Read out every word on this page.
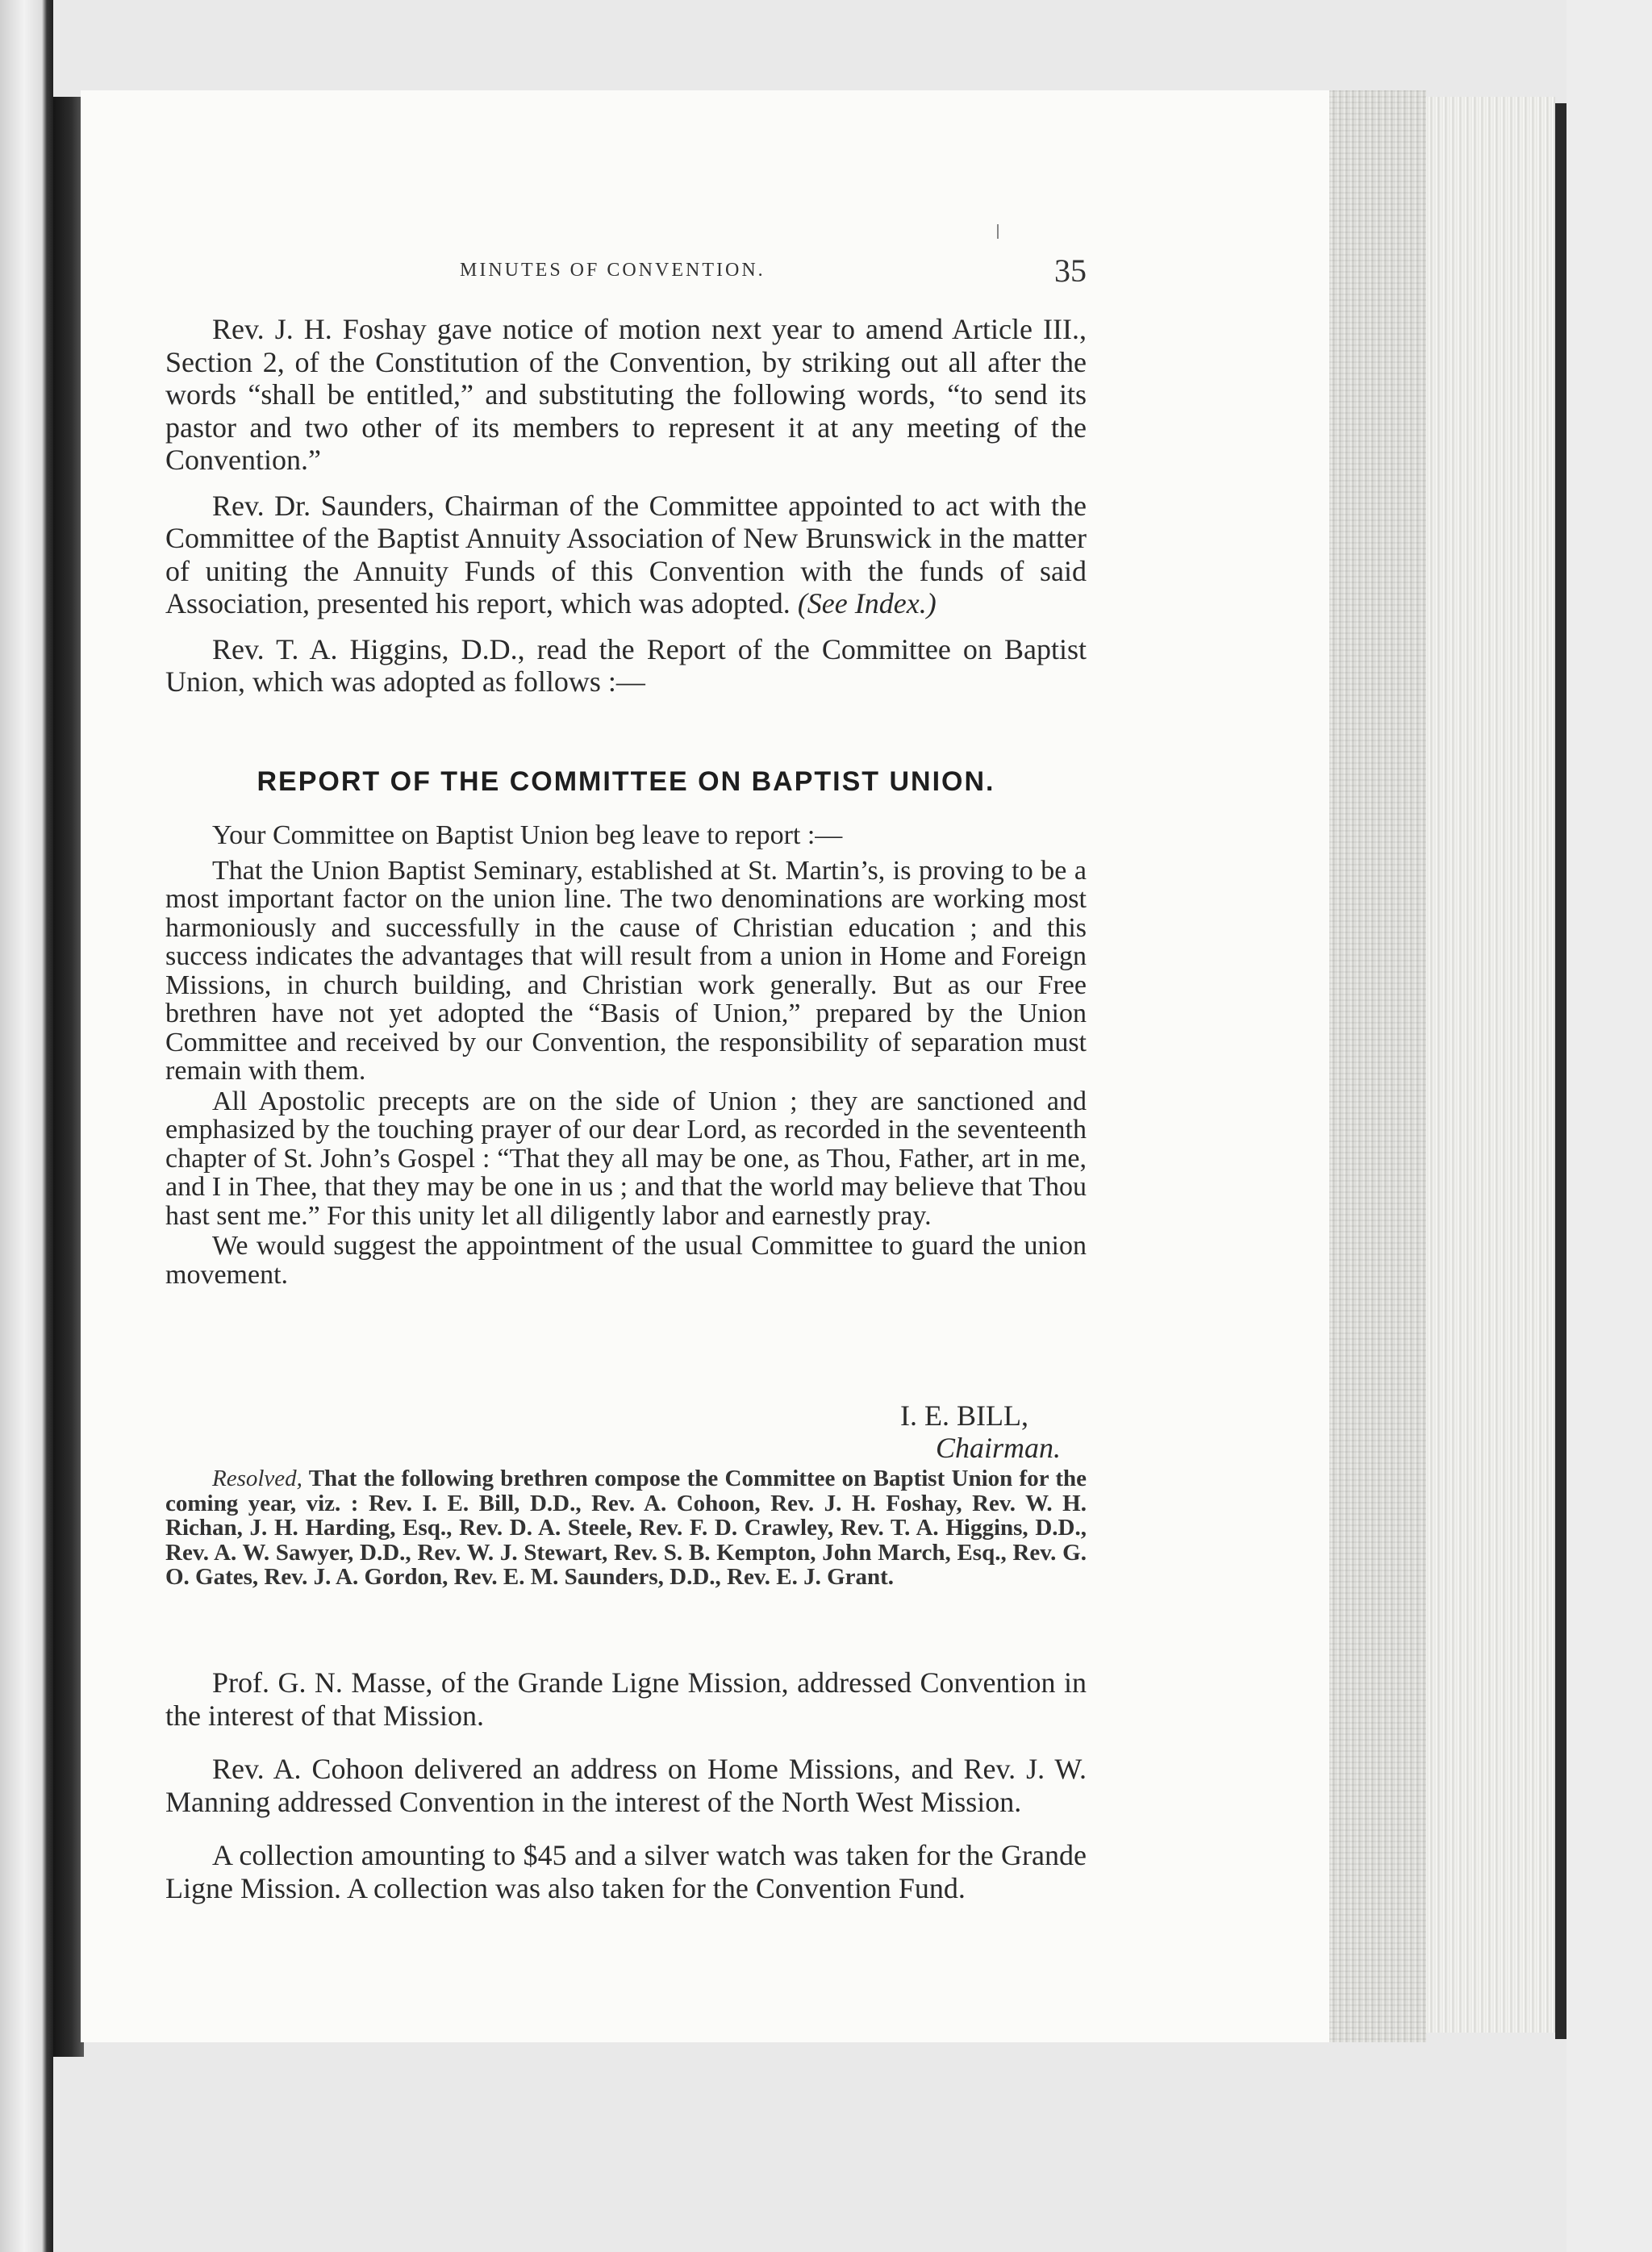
MINUTES OF CONVENTION.	35

Rev. J. H. Foshay gave notice of motion next year to amend Article III., Section 2, of the Constitution of the Convention, by striking out all after the words “shall be entitled,” and substituting the following words, “to send its pastor and two other of its members to represent it at any meeting of the Convention.”

Rev. Dr. Saunders, Chairman of the Committee appointed to act with the Committee of the Baptist Annuity Association of New Brunswick in the matter of uniting the Annuity Funds of this Convention with the funds of said Association, presented his report, which was adopted. (See Index.)

Rev. T. A. Higgins, D.D., read the Report of the Committee on Baptist Union, which was adopted as follows :—

REPORT OF THE COMMITTEE ON BAPTIST UNION.

Your Committee on Baptist Union beg leave to report :—

That the Union Baptist Seminary, established at St. Martin’s, is proving to be a most important factor on the union line. The two denominations are working most harmoniously and successfully in the cause of Christian education ; and this success indicates the advantages that will result from a union in Home and Foreign Missions, in church building, and Christian work generally. But as our Free brethren have not yet adopted the “Basis of Union,” prepared by the Union Committee and received by our Convention, the responsibility of separation must remain with them.

All Apostolic precepts are on the side of Union ; they are sanctioned and emphasized by the touching prayer of our dear Lord, as recorded in the seventeenth chapter of St. John’s Gospel : “That they all may be one, as Thou, Father, art in me, and I in Thee, that they may be one in us ; and that the world may believe that Thou hast sent me.” For this unity let all diligently labor and earnestly pray.

We would suggest the appointment of the usual Committee to guard the union movement.

I. E. BILL,
Chairman.

Resolved, That the following brethren compose the Committee on Baptist Union for the coming year, viz. : Rev. I. E. Bill, D.D., Rev. A. Cohoon, Rev. J. H. Foshay, Rev. W. H. Richan, J. H. Harding, Esq., Rev. D. A. Steele, Rev. F. D. Crawley, Rev. T. A. Higgins, D.D., Rev. A. W. Sawyer, D.D., Rev. W. J. Stewart, Rev. S. B. Kempton, John March, Esq., Rev. G. O. Gates, Rev. J. A. Gordon, Rev. E. M. Saunders, D.D., Rev. E. J. Grant.

Prof. G. N. Masse, of the Grande Ligne Mission, addressed Convention in the interest of that Mission.

Rev. A. Cohoon delivered an address on Home Missions, and Rev. J. W. Manning addressed Convention in the interest of the North West Mission.

A collection amounting to $45 and a silver watch was taken for the Grande Ligne Mission. A collection was also taken for the Convention Fund.
